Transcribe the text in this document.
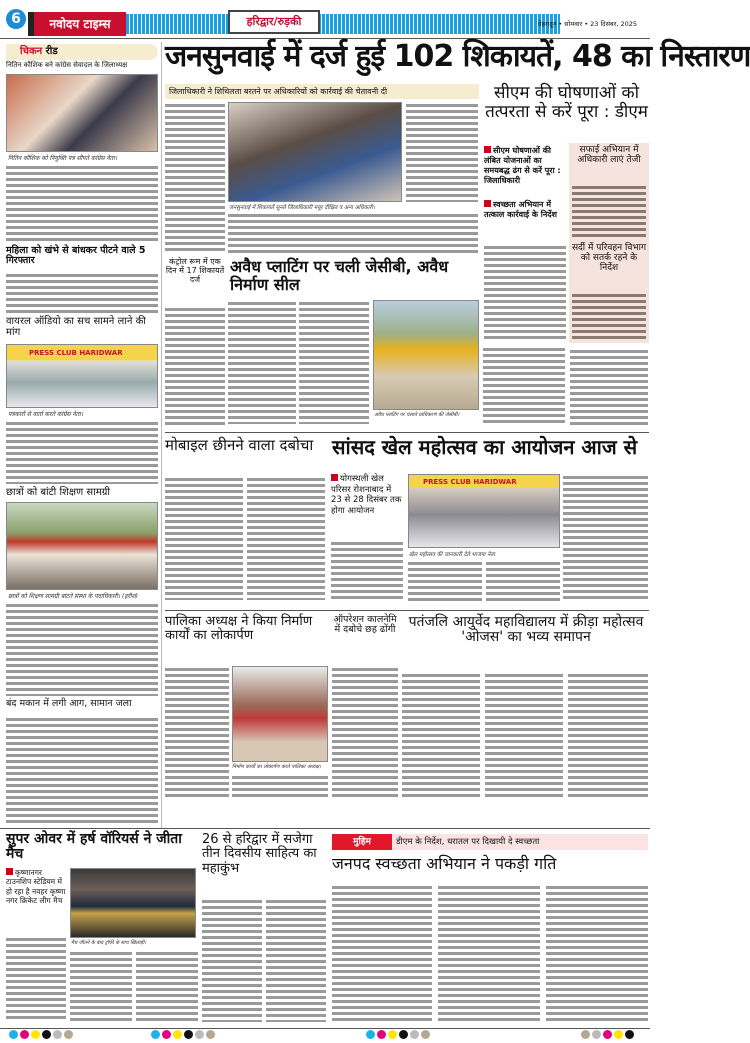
6	नवोदय टाइम्स	हरिद्वार/रुड़की	देहरादून • सोमवार • 23 दिसंबर, 2025
चिकन रीड
नितिन कौशिक बने कांग्रेस सेवादल के जिलाध्यक्ष
नितिन कौशिक को नियुक्ति पत्र सौंपते कांग्रेस नेता।
महिला को खंभे से बांधकर पीटने वाले 5 गिरफ्तार
वायरल ऑडियो का सच सामने लाने की मांग
PRESS CLUB HARIDWAR
पत्रकारों से वार्ता करते कांग्रेस नेता।
छात्रों को बांटी शिक्षण सामग्री
छात्रों को शिक्षण सामग्री बांटते संस्था के पदाधिकारी। (हरीश)
बंद मकान में लगी आग, सामान जला
जनसुनवाई में दर्ज हुई 102 शिकायतें, 48 का निस्तारण
जिलाधिकारी ने शिथिलता बरतने पर अधिकारियों को कार्रवाई की चेतावनी दी
जनसुनवाई में शिकायतें सुनते जिलाधिकारी मयूर दीक्षित व अन्य अधिकारी।
कंट्रोल रूम में एक दिन में 17 शिकायतें दर्ज
सीएम की घोषणाओं को तत्परता से करें पूरा : डीएम
सीएम घोषणाओं की लंबित योजनाओं का समयबद्ध ढंग से करें पूरा : जिलाधिकारी
स्वच्छता अभियान में तत्काल कार्रवाई के निर्देश
सफाई अभियान में अधिकारी लाएं तेजी
सर्दी में परिवहन विभाग को सतर्क रहने के निर्देश
अवैध प्लाटिंग पर चली जेसीबी, अवैध निर्माण सील
अवैध प्लाटिंग पर चलाते प्राधिकरण की जेसीबी।
मोबाइल छीनने वाला दबोचा सांसद खेल महोत्सव का आयोजन आज से
योगस्थली खेल परिसर रोशनाबाद में 23 से 28 दिसंबर तक होगा आयोजन
PRESS CLUB HARIDWAR
खेल महोत्सव की जानकारी देते भाजपा नेता
पालिका अध्यक्ष ने किया निर्माण कार्यों का लोकार्पण
निर्माण कार्यों का लोकार्पण करते पालिका अध्यक्ष।
ऑपरेशन कालनेमि में दबोचे छह ढोंगी पतंजलि आयुर्वेद महाविद्यालय में क्रीड़ा महोत्सव 'ओजस' का भव्य समापन
सुपर ओवर में हर्ष वॉरियर्स ने जीता मैच
कृष्णानगर टाउनशिप स्टेडियम में हो रहा है नवहर कृष्णा नगर क्रिकेट लीग मैच
मैच जीतने के बाद ट्रॉफी के साथ खिलाड़ी।
26 से हरिद्वार में सजेगा तीन दिवसीय साहित्य का महाकुंभ
मुहिम	डीएम के निर्देश, धरातल पर दिखायी दे स्वच्छता
जनपद स्वच्छता अभियान ने पकड़ी गति
